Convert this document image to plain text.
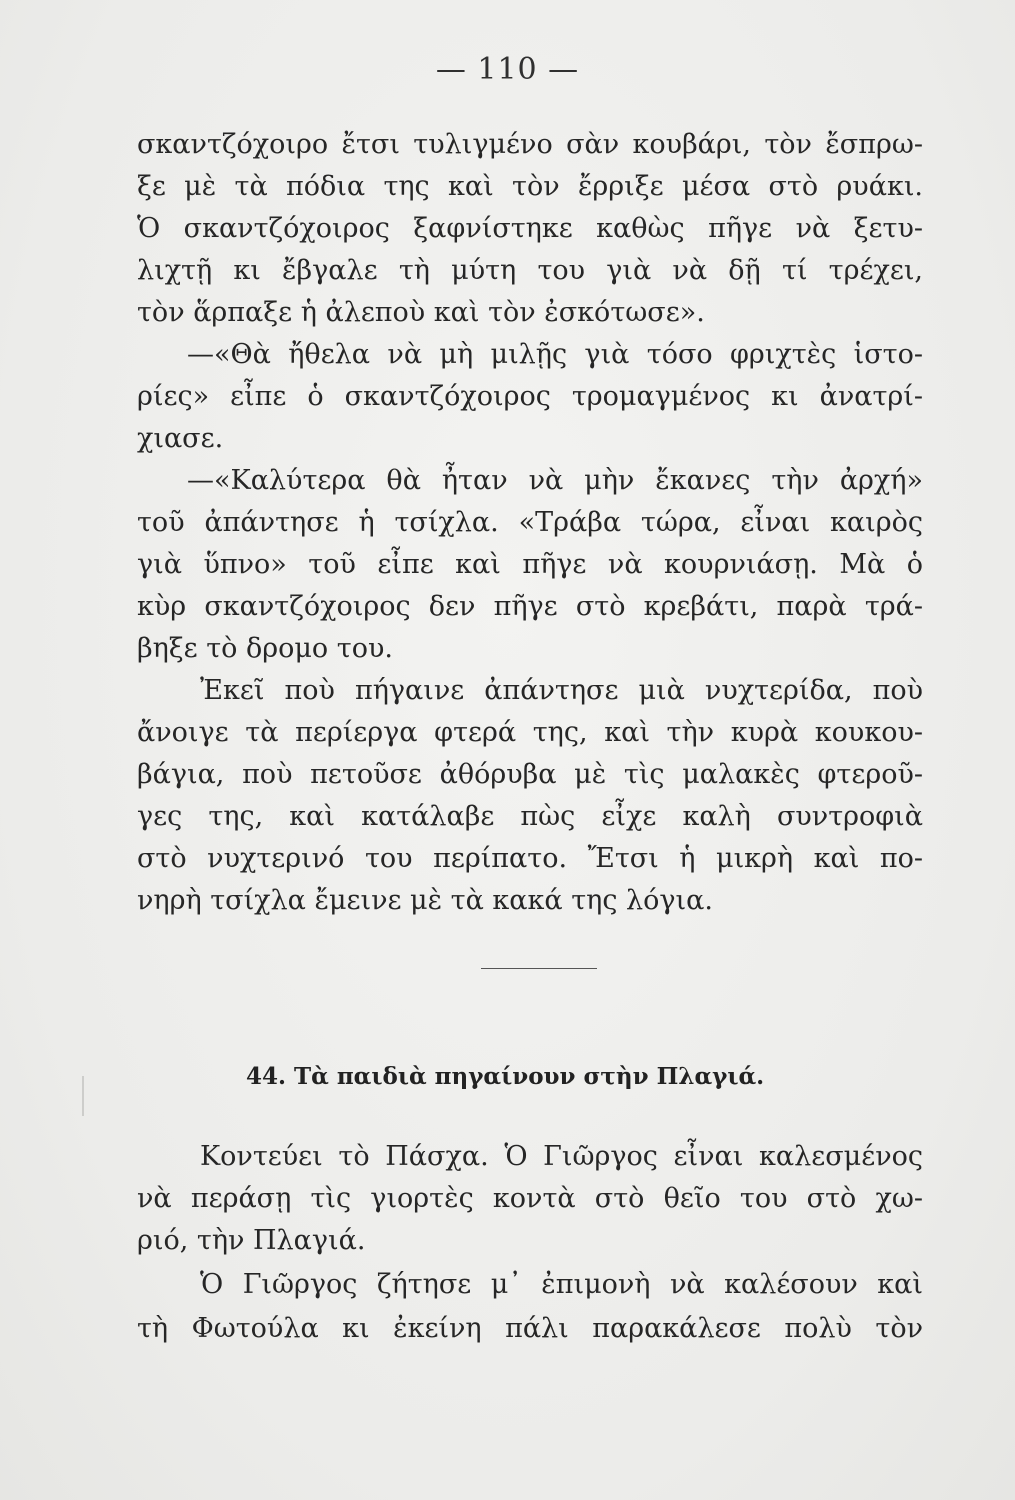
— 110 —
σκαντζόχοιρο ἔτσι τυλιγμένο σὰν κουβάρι, τὸν ἔσπρω-
ξε μὲ τὰ πόδια της καὶ τὸν ἔρριξε μέσα στὸ ρυάκι.
Ὁ σκαντζόχοιρος ξαφνίστηκε καθὼς πῆγε νὰ ξετυ-
λιχτῇ κι ἔβγαλε τὴ μύτη του γιὰ νὰ δῇ τί τρέχει,
τὸν ἅρπαξε ἡ ἀλεποὺ καὶ τὸν ἐσκότωσε».
—«Θὰ ἤθελα νὰ μὴ μιλῇς γιὰ τόσο φριχτὲς ἱστο-
ρίες» εἶπε ὁ σκαντζόχοιρος τρομαγμένος κι ἀνατρί-
χιασε.
—«Καλύτερα θὰ ἦταν νὰ μὴν ἔκανες τὴν ἀρχή»
τοῦ ἀπάντησε ἡ τσίχλα. «Τράβα τώρα, εἶναι καιρὸς
γιὰ ὕπνο» τοῦ εἶπε καὶ πῆγε νὰ κουρνιάσῃ. Μὰ ὁ
κὺρ σκαντζόχοιρος δεν πῆγε στὸ κρεβάτι, παρὰ τρά-
βηξε τὸ δρομο του.
Ἐκεῖ ποὺ πήγαινε ἀπάντησε μιὰ νυχτερίδα, ποὺ
ἄνοιγε τὰ περίεργα φτερά της, καὶ τὴν κυρὰ κουκου-
βάγια, ποὺ πετοῦσε ἀθόρυβα μὲ τὶς μαλακὲς φτεροῦ-
γες της, καὶ κατάλαβε πὼς εἶχε καλὴ συντροφιὰ
στὸ νυχτερινό του περίπατο. Ἔτσι ἡ μικρὴ καὶ πο-
νηρὴ τσίχλα ἔμεινε μὲ τὰ κακά της λόγια.
44. Τὰ παιδιὰ πηγαίνουν στὴν Πλαγιά.
Κοντεύει τὸ Πάσχα. Ὁ Γιῶργος εἶναι καλεσμένος
νὰ περάσῃ τὶς γιορτὲς κοντὰ στὸ θεῖο του στὸ χω-
ριό, τὴν Πλαγιά.
Ὁ Γιῶργος ζήτησε μ᾽ ἐπιμονὴ νὰ καλέσουν καὶ
τὴ Φωτούλα κι ἐκείνη πάλι παρακάλεσε πολὺ τὸν
